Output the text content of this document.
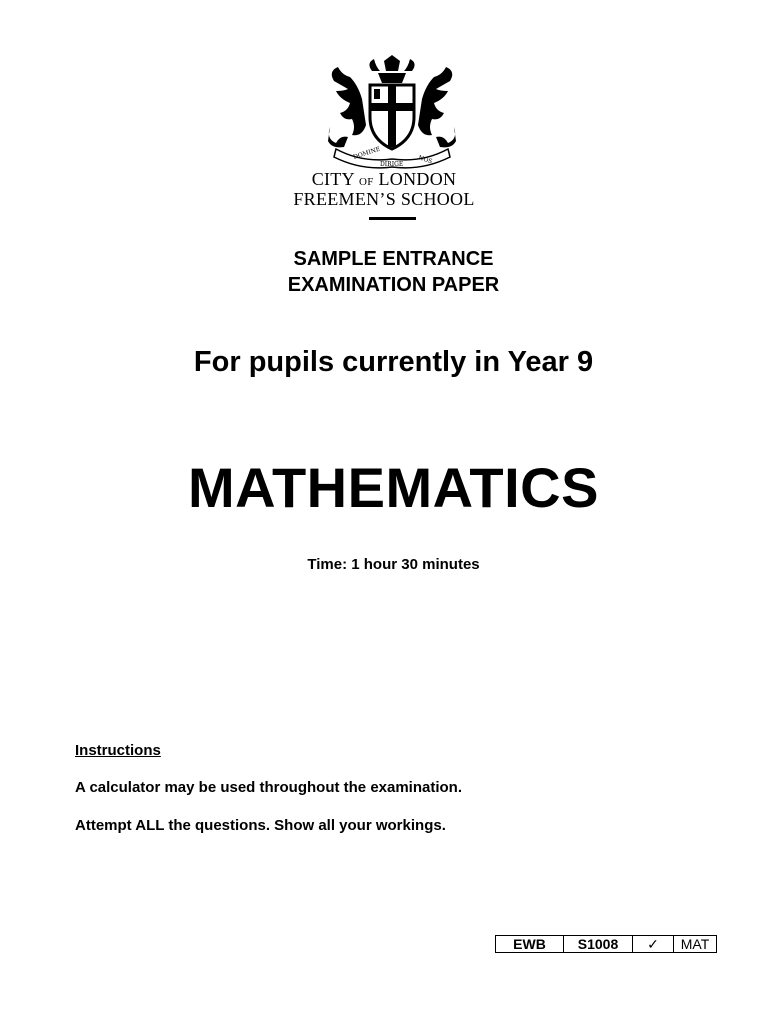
DOMINE
DIRIGE NOS
CITY OF LONDON
FREEMEN’S SCHOOL
SAMPLE ENTRANCE
EXAMINATION PAPER
For pupils currently in Year 9
MATHEMATICS
Time: 1 hour 30 minutes
Instructions
A calculator may be used throughout the examination.
Attempt ALL the questions. Show all your workings.
EWB	S1008	✓	MAT
